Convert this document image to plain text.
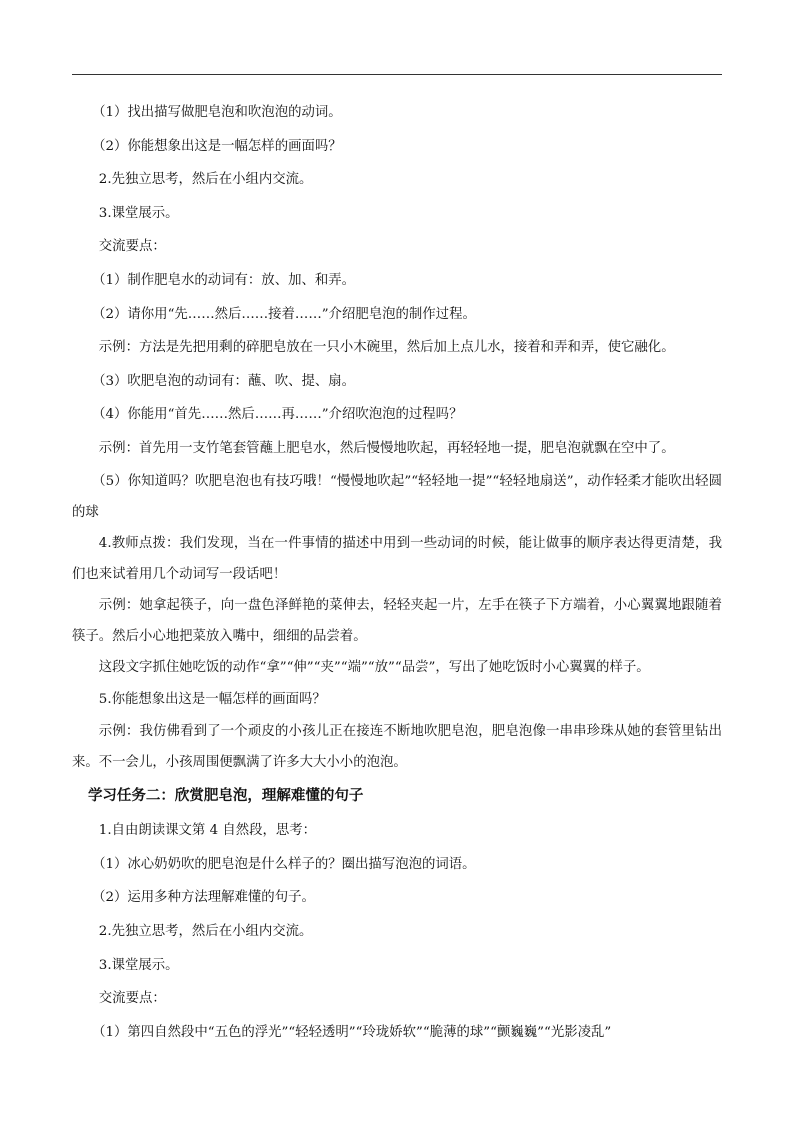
（1）找出描写做肥皂泡和吹泡泡的动词。

（2）你能想象出这是一幅怎样的画面吗？

2.先独立思考，然后在小组内交流。

3.课堂展示。

交流要点：

（1）制作肥皂水的动词有：放、加、和弄。

（2）请你用“先……然后……接着……”介绍肥皂泡的制作过程。

示例：方法是先把用剩的碎肥皂放在一只小木碗里，然后加上点儿水，接着和弄和弄，使它融化。

（3）吹肥皂泡的动词有：蘸、吹、提、扇。

（4）你能用“首先……然后……再……”介绍吹泡泡的过程吗？

示例：首先用一支竹笔套管蘸上肥皂水，然后慢慢地吹起，再轻轻地一提，肥皂泡就飘在空中了。

（5）你知道吗？吹肥皂泡也有技巧哦！“慢慢地吹起”“轻轻地一提”“轻轻地扇送”，动作轻柔才能吹出轻圆的球

4.教师点拨：我们发现，当在一件事情的描述中用到一些动词的时候，能让做事的顺序表达得更清楚，我们也来试着用几个动词写一段话吧！

示例：她拿起筷子，向一盘色泽鲜艳的菜伸去，轻轻夹起一片，左手在筷子下方端着，小心翼翼地跟随着筷子。然后小心地把菜放入嘴中，细细的品尝着。

这段文字抓住她吃饭的动作“拿”“伸”“夹”“端”“放”“品尝”，写出了她吃饭时小心翼翼的样子。

5.你能想象出这是一幅怎样的画面吗？

示例：我仿佛看到了一个顽皮的小孩儿正在接连不断地吹肥皂泡，肥皂泡像一串串珍珠从她的套管里钻出来。不一会儿，小孩周围便飘满了许多大大小小的泡泡。

学习任务二：欣赏肥皂泡，理解难懂的句子

1.自由朗读课文第 4 自然段，思考：

（1）冰心奶奶吹的肥皂泡是什么样子的？圈出描写泡泡的词语。

（2）运用多种方法理解难懂的句子。

2.先独立思考，然后在小组内交流。

3.课堂展示。

交流要点：

（1）第四自然段中“五色的浮光”“轻轻透明”“玲珑娇软”“脆薄的球”“颤巍巍”“光影凌乱”
